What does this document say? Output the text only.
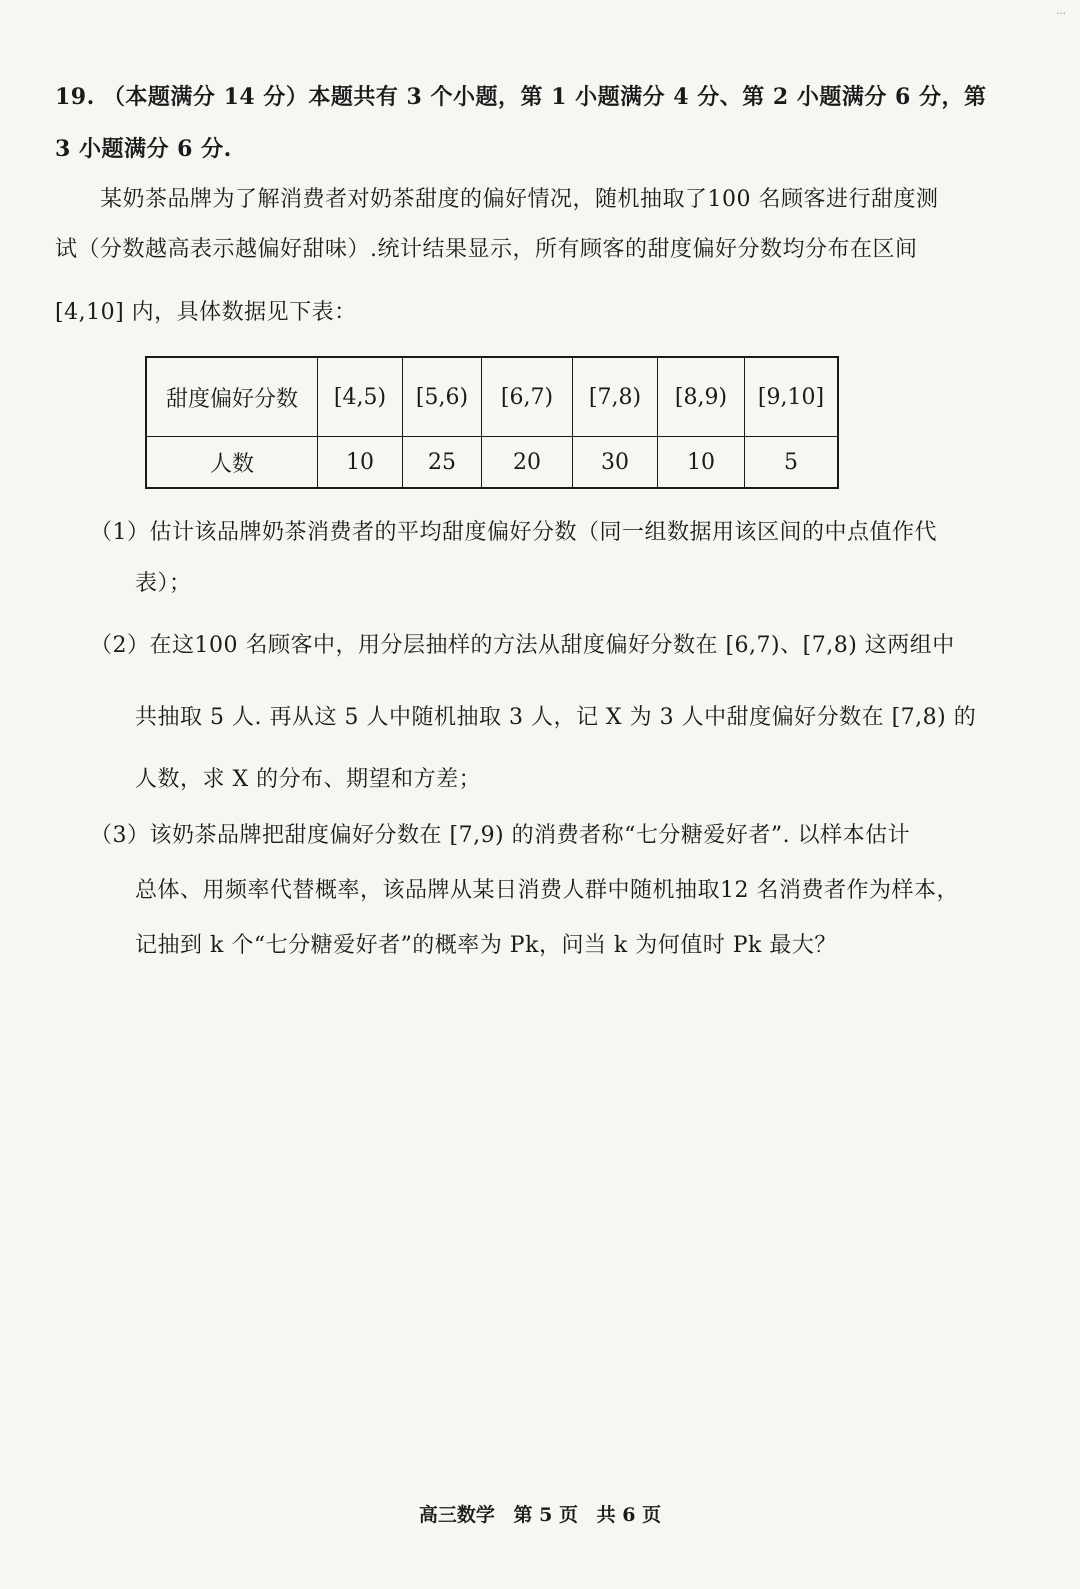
…
19. （本题满分 14 分）本题共有 3 个小题，第 1 小题满分 4 分、第 2 小题满分 6 分，第
3 小题满分 6 分.
某奶茶品牌为了解消费者对奶茶甜度的偏好情况，随机抽取了100 名顾客进行甜度测
试（分数越高表示越偏好甜味）.统计结果显示，所有顾客的甜度偏好分数均分布在区间
[4,10] 内，具体数据见下表：
甜度偏好分数	[4,5)	[5,6)	[6,7)	[7,8)	[8,9)	[9,10]
人数	10	25	20	30	10	5
（1）估计该品牌奶茶消费者的平均甜度偏好分数（同一组数据用该区间的中点值作代
表）；
（2）在这100 名顾客中，用分层抽样的方法从甜度偏好分数在 [6,7)、[7,8) 这两组中
共抽取 5 人. 再从这 5 人中随机抽取 3 人，记 X 为 3 人中甜度偏好分数在 [7,8) 的
人数，求 X 的分布、期望和方差；
（3）该奶茶品牌把甜度偏好分数在 [7,9) 的消费者称“七分糖爱好者”. 以样本估计
总体、用频率代替概率，该品牌从某日消费人群中随机抽取12 名消费者作为样本，
记抽到 k 个“七分糖爱好者”的概率为 Pk，问当 k 为何值时 Pk 最大？
高三数学 第 5 页 共 6 页
